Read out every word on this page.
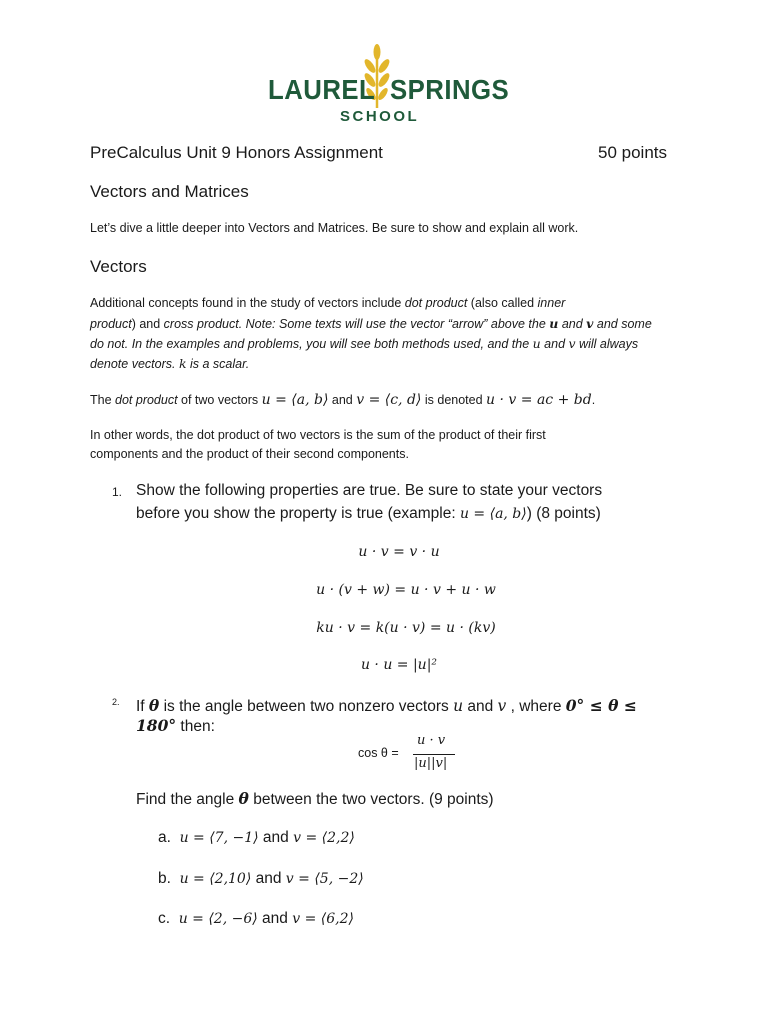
LAUREL SPRINGS
SCHOOL
PreCalculus Unit 9 Honors Assignment	50 points
Vectors and Matrices
Let’s dive a little deeper into Vectors and Matrices. Be sure to show and explain all work.
Vectors
Additional concepts found in the study of vectors include dot product (also called inner
product) and cross product. Note: Some texts will use the vector “arrow” above the u and v and some
do not. In the examples and problems, you will see both methods used, and the u and v will always
denote vectors. k is a scalar.
The dot product of two vectors u = ⟨a, b⟩ and v = ⟨c, d⟩ is denoted u · v = ac + bd.
In other words, the dot product of two vectors is the sum of the product of their first
components and the product of their second components.
1. Show the following properties are true. Be sure to state your vectors
before you show the property is true (example: u = ⟨a, b⟩) (8 points)
u · v = v · u
u · (v + w) = u · v + u · w
ku · v = k(u · v) = u · (kv)
u · u = |u|²
2. If θ is the angle between two nonzero vectors u and v , where 0° ≤ θ ≤
180° then:
cos θ =
u · v
|u||v|
Find the angle θ between the two vectors. (9 points)
a. u = ⟨7, −1⟩ and v = ⟨2,2⟩
b. u = ⟨2,10⟩ and v = ⟨5, −2⟩
c. u = ⟨2, −6⟩ and v = ⟨6,2⟩
